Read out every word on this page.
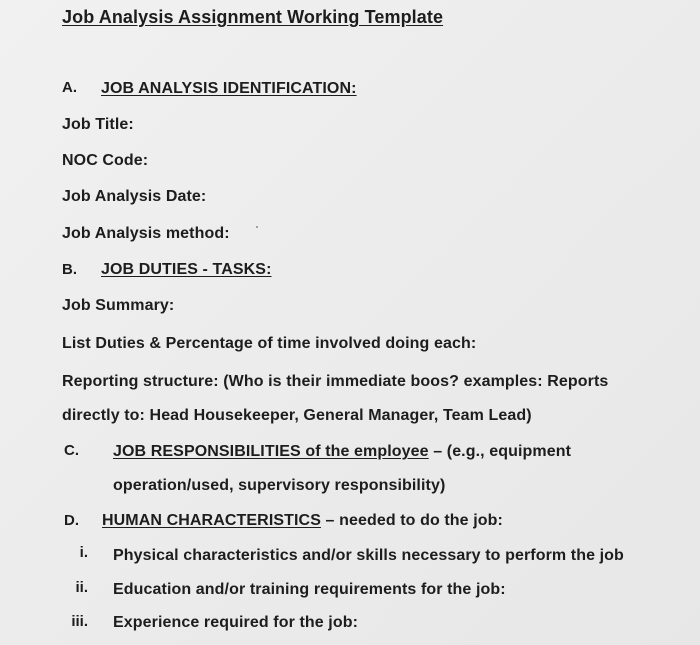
Job Analysis Assignment Working Template
A. JOB ANALYSIS IDENTIFICATION:
Job Title:
NOC Code:
Job Analysis Date:
Job Analysis method:
B. JOB DUTIES - TASKS:
Job Summary:
List Duties & Percentage of time involved doing each:
Reporting structure: (Who is their immediate boos? examples: Reports
directly to: Head Housekeeper, General Manager, Team Lead)
C. JOB RESPONSIBILITIES of the employee – (e.g., equipment
operation/used, supervisory responsibility)
D. HUMAN CHARACTERISTICS – needed to do the job:
i. Physical characteristics and/or skills necessary to perform the job
ii. Education and/or training requirements for the job:
iii. Experience required for the job:
